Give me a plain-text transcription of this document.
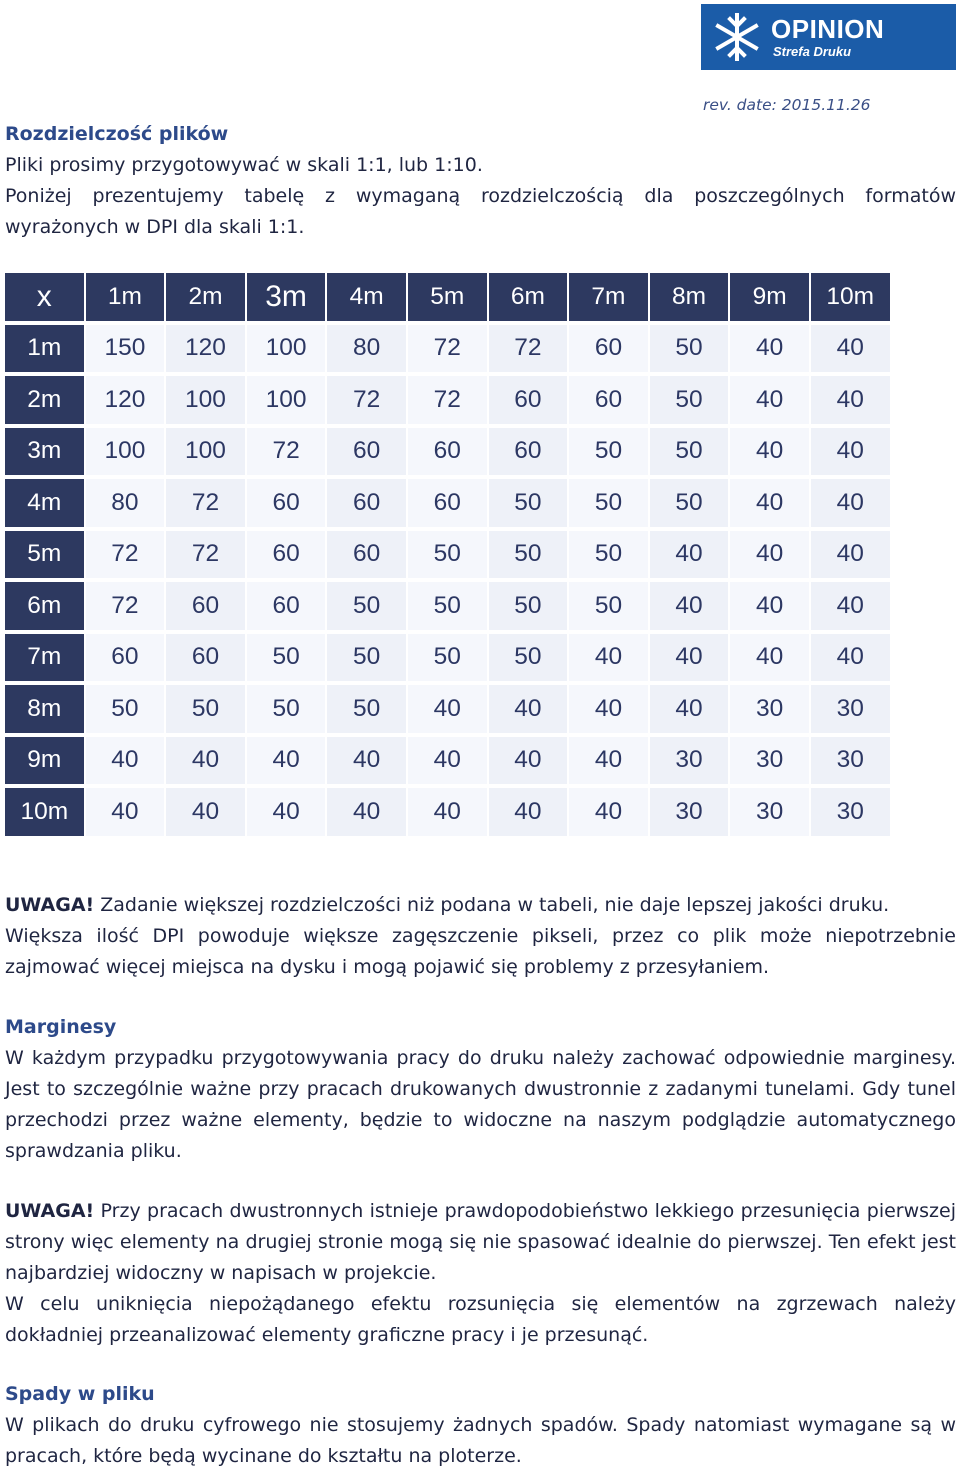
OPINION
Strefa Druku
rev. date: 2015.11.26

Rozdzielczość plików

Pliki prosimy przygotowywać w skali 1:1, lub 1:10.

Poniżej prezentujemy tabelę z wymaganą rozdzielczością dla poszczególnych formatów wyrażonych w DPI dla skali 1:1.

x	1m	2m	3m	4m	5m	6m	7m	8m	9m	10m
1m	150	120	100	80	72	72	60	50	40	40
2m	120	100	100	72	72	60	60	50	40	40
3m	100	100	72	60	60	60	50	50	40	40
4m	80	72	60	60	60	50	50	50	40	40
5m	72	72	60	60	50	50	50	40	40	40
6m	72	60	60	50	50	50	50	40	40	40
7m	60	60	50	50	50	50	40	40	40	40
8m	50	50	50	50	40	40	40	40	30	30
9m	40	40	40	40	40	40	40	30	30	30
10m	40	40	40	40	40	40	40	30	30	30

UWAGA! Zadanie większej rozdzielczości niż podana w tabeli, nie daje lepszej jakości druku.

Większa ilość DPI powoduje większe zagęszczenie pikseli, przez co plik może niepotrzebnie zajmować więcej miejsca na dysku i mogą pojawić się problemy z przesyłaniem.

Marginesy

W każdym przypadku przygotowywania pracy do druku należy zachować odpowiednie marginesy. Jest to szczególnie ważne przy pracach drukowanych dwustronnie z zadanymi tunelami. Gdy tunel przechodzi przez ważne elementy, będzie to widoczne na naszym podglądzie automatycznego sprawdzania pliku.

UWAGA! Przy pracach dwustronnych istnieje prawdopodobieństwo lekkiego przesunięcia pierwszej strony więc elementy na drugiej stronie mogą się nie spasować idealnie do pierwszej. Ten efekt jest najbardziej widoczny w napisach w projekcie.

W celu uniknięcia niepożądanego efektu rozsunięcia się elementów na zgrzewach należy dokładniej przeanalizować elementy graficzne pracy i je przesunąć.

Spady w pliku

W plikach do druku cyfrowego nie stosujemy żadnych spadów. Spady natomiast wymagane są w pracach, które będą wycinane do kształtu na ploterze.
